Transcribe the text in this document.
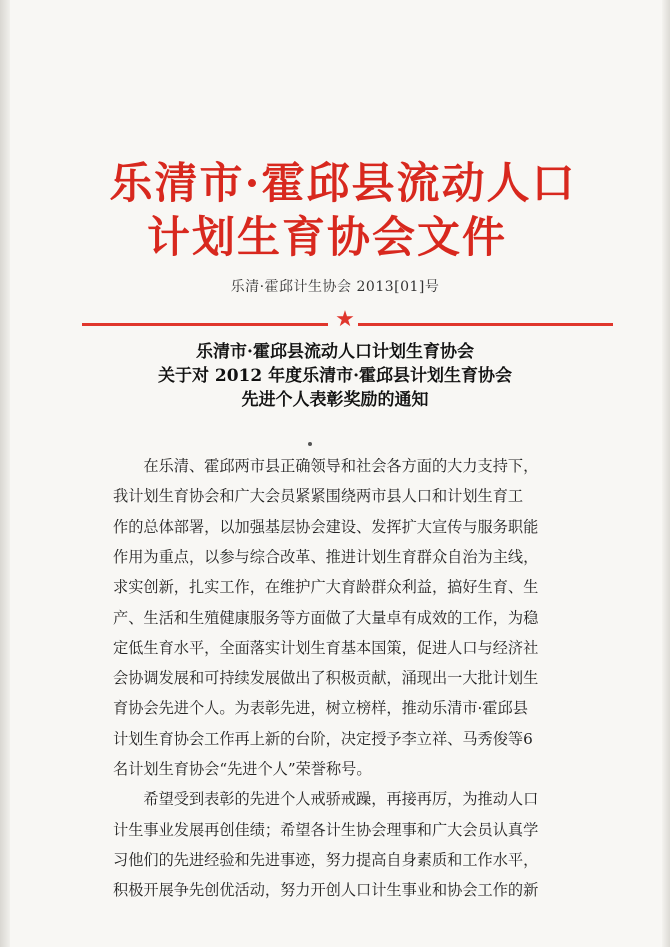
乐清市·霍邱县流动人口
计划生育协会文件
乐清·霍邱计生协会 2013[01]号
★
乐清市·霍邱县流动人口计划生育协会
关于对 2012 年度乐清市·霍邱县计划生育协会
先进个人表彰奖励的通知
　　在乐清、霍邱两市县正确领导和社会各方面的大力支持下，
我计划生育协会和广大会员紧紧围绕两市县人口和计划生育工
作的总体部署，以加强基层协会建设、发挥扩大宣传与服务职能
作用为重点，以参与综合改革、推进计划生育群众自治为主线，
求实创新，扎实工作，在维护广大育龄群众利益，搞好生育、生
产、生活和生殖健康服务等方面做了大量卓有成效的工作，为稳
定低生育水平，全面落实计划生育基本国策，促进人口与经济社
会协调发展和可持续发展做出了积极贡献，涌现出一大批计划生
育协会先进个人。为表彰先进，树立榜样，推动乐清市·霍邱县
计划生育协会工作再上新的台阶，决定授予李立祥、马秀俊等6
名计划生育协会“先进个人”荣誉称号。
　　希望受到表彰的先进个人戒骄戒躁，再接再厉，为推动人口
计生事业发展再创佳绩；希望各计生协会理事和广大会员认真学
习他们的先进经验和先进事迹，努力提高自身素质和工作水平，
积极开展争先创优活动，努力开创人口计生事业和协会工作的新
